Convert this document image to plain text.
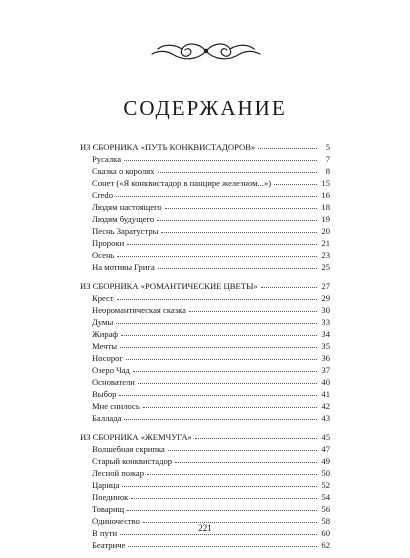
СОДЕРЖАНИЕ
ИЗ СБОРНИКА «ПУТЬ КОНКВИСТАДОРОВ»	5
Русалка	7
Сказка о королях	8
Сонет («Я конквистадор в панцире железном...»)	15
Credo	16
Людям настоящего	18
Людям будущего	19
Песнь Заратустры	20
Пророки	21
Осень	23
На мотивы Грига	25
ИЗ СБОРНИКА «РОМАНТИЧЕСКИЕ ЦВЕТЫ»	27
Крест	29
Неоромантическая сказка	30
Думы	33
Жираф	34
Мечты	35
Носорог	36
Озеро Чад	37
Основатели	40
Выбор	41
Мне снилось	42
Баллада	43
ИЗ СБОРНИКА «ЖЕМЧУГА»	45
Волшебная скрипка	47
Старый конквистадор	49
Лесной пожар	50
Царица	52
Поединок	54
Товарищ	56
Одиночество	58
В пути	60
Беатриче	62
221
